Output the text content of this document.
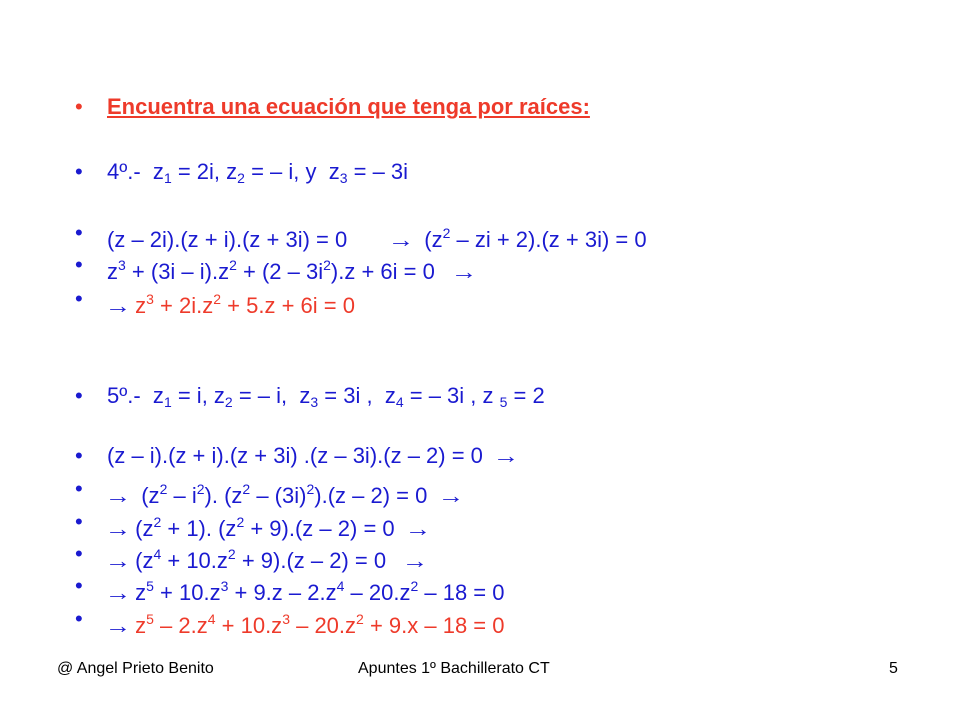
•	Encuentra una ecuación que tenga por raíces:
•	4º.-  $z_1 = 2i$, $z_2$ = – i, y  $z_3$ = – 3i
•	(z – 2i).(z + i).(z + 3i) = 0       →  ($z^2$ – zi + 2).(z + 3i) = 0
•	$z^3 + (3i - i).z^2 + (2 - 3i^2).z + 6i = 0$   →
•	→ $z^3 + 2i.z^2 + 5.z + 6i = 0$
•	5º.-  $z_1 = i$, $z_2$ = – i,  $z_3 = 3i$ ,  $z_4$ = – 3i , z $_5$ = 2
•	(z – i).(z + i).(z + 3i) .(z – 3i).(z – 2) = 0  →
•	→  $(z^2 - i^2)$. $(z^2 - (3i)^2).(z - 2) = 0$  →
•	→ $(z^2 + 1)$. $(z^2 + 9).(z - 2) = 0$  →
•	→ $(z^4 + 10.z^2 + 9).(z - 2) = 0$   →
•	→ $z^5 + 10.z^3 + 9.z - 2.z^4 - 20.z^2 - 18 = 0$
•	→ $z^5 - 2.z^4 + 10.z^3 - 20.z^2 + 9.x - 18 = 0$
@ Angel Prieto Benito	Apuntes 1º Bachillerato CT	5
